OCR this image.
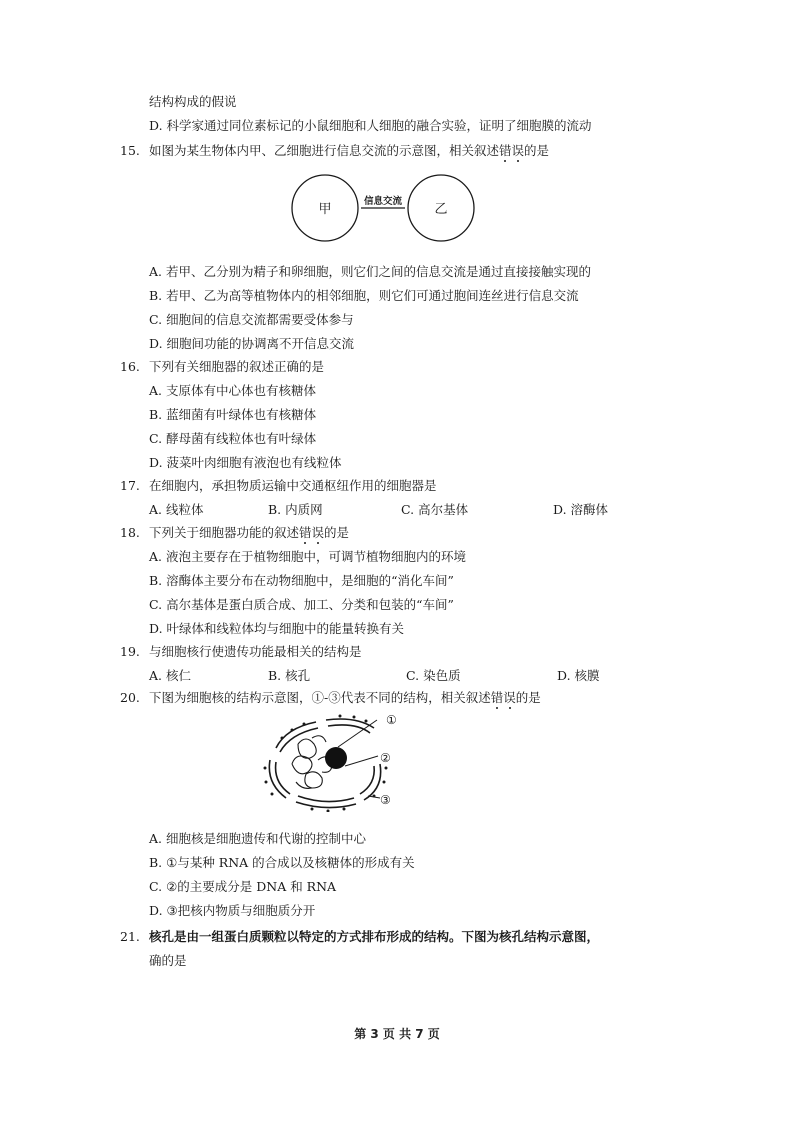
结构构成的假说
D. 科学家通过同位素标记的小鼠细胞和人细胞的融合实验，证明了细胞膜的流动
15. 如图为某生物体内甲、乙细胞进行信息交流的示意图，相关叙述错误的是
甲	乙
信息交流
A. 若甲、乙分别为精子和卵细胞，则它们之间的信息交流是通过直接接触实现的
B. 若甲、乙为高等植物体内的相邻细胞，则它们可通过胞间连丝进行信息交流
C. 细胞间的信息交流都需要受体参与
D. 细胞间功能的协调离不开信息交流
16. 下列有关细胞器的叙述正确的是
A. 支原体有中心体也有核糖体
B. 蓝细菌有叶绿体也有核糖体
C. 酵母菌有线粒体也有叶绿体
D. 菠菜叶肉细胞有液泡也有线粒体
17. 在细胞内，承担物质运输中交通枢纽作用的细胞器是
A. 线粒体	B. 内质网	C. 高尔基体	D. 溶酶体
18. 下列关于细胞器功能的叙述错误的是
A. 液泡主要存在于植物细胞中，可调节植物细胞内的环境
B. 溶酶体主要分布在动物细胞中，是细胞的“消化车间”
C. 高尔基体是蛋白质合成、加工、分类和包装的“车间”
D. 叶绿体和线粒体均与细胞中的能量转换有关
19. 与细胞核行使遗传功能最相关的结构是
A. 核仁	B. 核孔	C. 染色质	D. 核膜
20. 下图为细胞核的结构示意图，①-③代表不同的结构，相关叙述错误的是
①
②
③
A. 细胞核是细胞遗传和代谢的控制中心
B. ①与某种 RNA 的合成以及核糖体的形成有关
C. ②的主要成分是 DNA 和 RNA
D. ③把核内物质与细胞质分开
21. 核孔是由一组蛋白质颗粒以特定的方式排布形成的结构。下图为核孔结构示意图，
确的是
第 3 页 共 7 页
